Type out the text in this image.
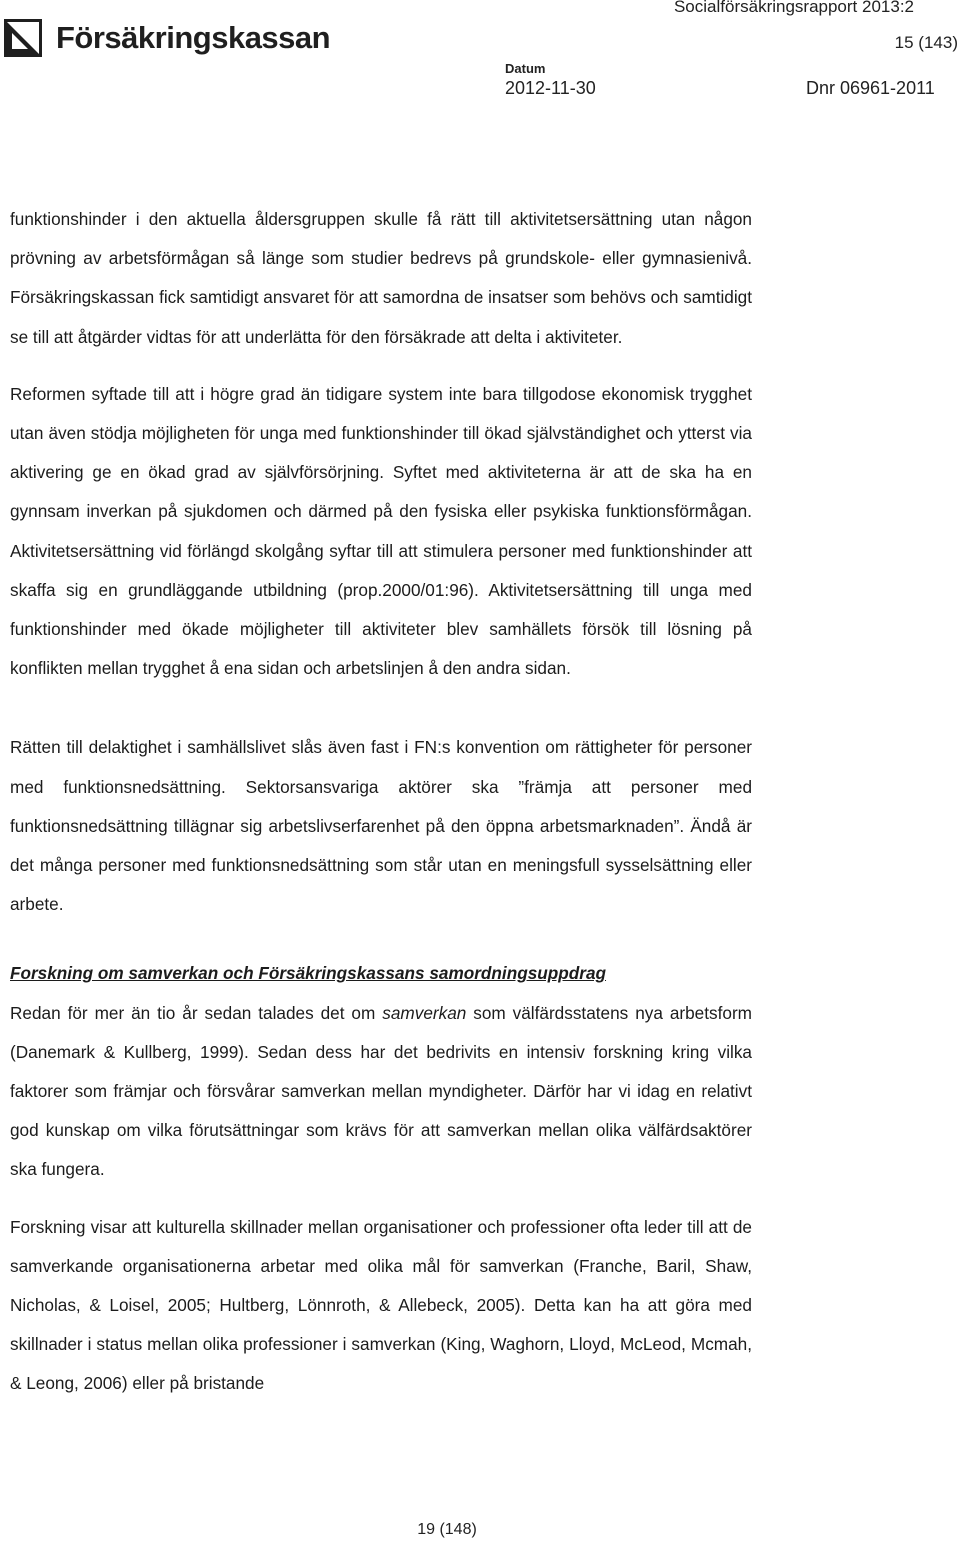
Försäkringskassan
Socialförsäkringsrapport 2013:2
15 (143)
Datum
2012-11-30	Dnr 06961-2011

funktionshinder i den aktuella åldersgruppen skulle få rätt till aktivitetsersättning utan någon prövning av arbetsförmågan så länge som studier bedrevs på grundskole- eller gymnasienivå. Försäkringskassan fick samtidigt ansvaret för att samordna de insatser som behövs och samtidigt se till att åtgärder vidtas för att underlätta för den försäkrade att delta i aktiviteter.

Reformen syftade till att i högre grad än tidigare system inte bara tillgodose ekonomisk trygghet utan även stödja möjligheten för unga med funktionshinder till ökad självständighet och ytterst via aktivering ge en ökad grad av självförsörjning. Syftet med aktiviteterna är att de ska ha en gynnsam inverkan på sjukdomen och därmed på den fysiska eller psykiska funktionsförmågan. Aktivitetsersättning vid förlängd skolgång syftar till att stimulera personer med funktionshinder att skaffa sig en grundläggande utbildning (prop.2000/01:96). Aktivitetsersättning till unga med funktionshinder med ökade möjligheter till aktiviteter blev samhällets försök till lösning på konflikten mellan trygghet å ena sidan och arbetslinjen å den andra sidan.

Rätten till delaktighet i samhällslivet slås även fast i FN:s konvention om rättigheter för personer med funktionsnedsättning. Sektorsansvariga aktörer ska ”främja att personer med funktionsnedsättning tillägnar sig arbetslivserfarenhet på den öppna arbetsmarknaden”. Ändå är det många personer med funktionsnedsättning som står utan en meningsfull sysselsättning eller arbete.

Forskning om samverkan och Försäkringskassans samordningsuppdrag

Redan för mer än tio år sedan talades det om samverkan som välfärdsstatens nya arbetsform (Danemark & Kullberg, 1999). Sedan dess har det bedrivits en intensiv forskning kring vilka faktorer som främjar och försvårar samverkan mellan myndigheter. Därför har vi idag en relativt god kunskap om vilka förutsättningar som krävs för att samverkan mellan olika välfärdsaktörer ska fungera.

Forskning visar att kulturella skillnader mellan organisationer och professioner ofta leder till att de samverkande organisationerna arbetar med olika mål för samverkan (Franche, Baril, Shaw, Nicholas, & Loisel, 2005; Hultberg, Lönnroth, & Allebeck, 2005). Detta kan ha att göra med skillnader i status mellan olika professioner i samverkan (King, Waghorn, Lloyd, McLeod, Mcmah, & Leong, 2006) eller på bristande

19 (148)
